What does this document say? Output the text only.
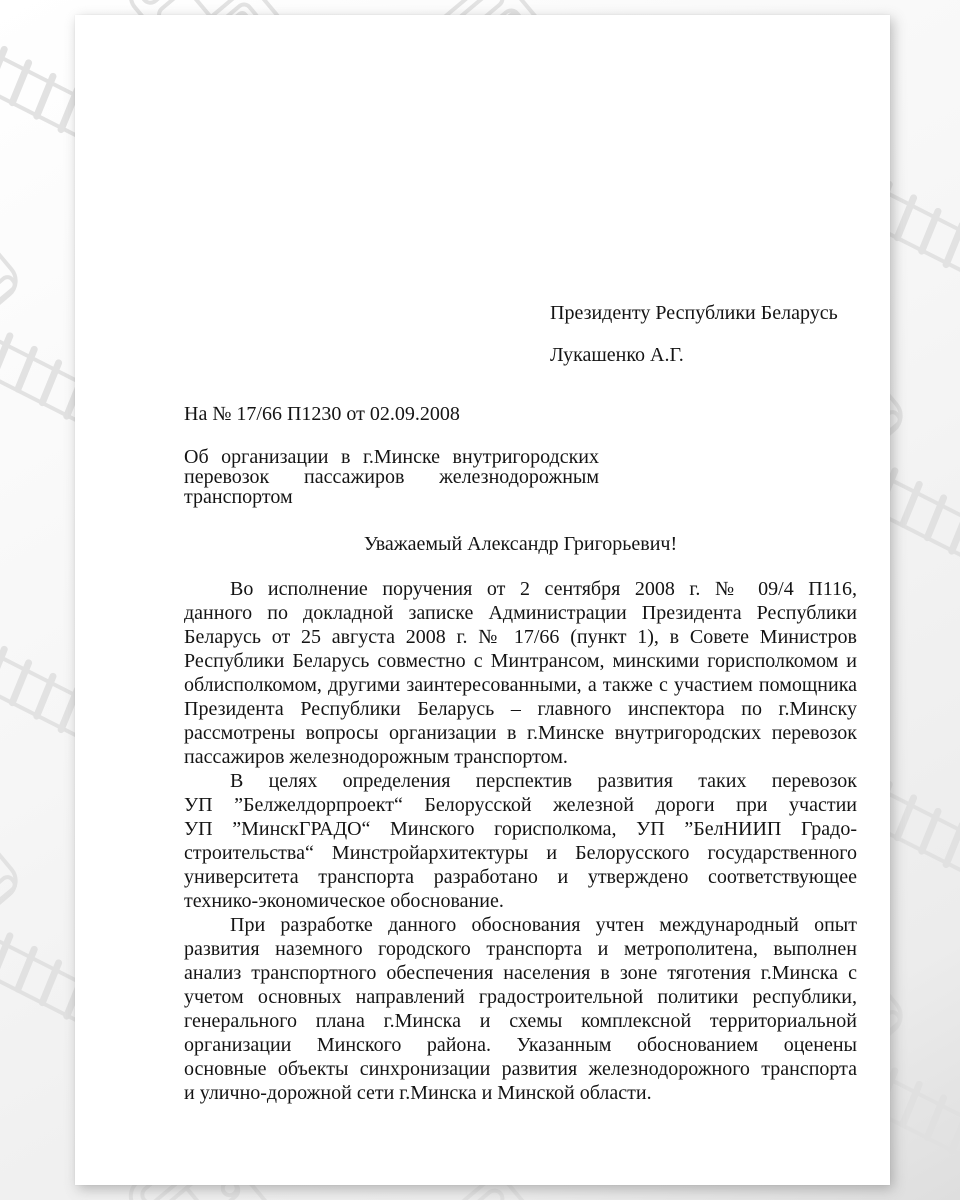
Президенту Республики Беларусь
Лукашенко А.Г.
На № 17/66 П1230 от 02.09.2008
Об организации в г.Минске внутригородских
перевозок пассажиров железнодорожным
транспортом
Уважаемый Александр Григорьевич!
Во исполнение поручения от 2 сентября 2008 г. № 09/4 П116,
данного по докладной записке Администрации Президента Республики
Беларусь от 25 августа 2008 г. № 17/66 (пункт 1), в Совете Министров
Республики Беларусь совместно с Минтрансом, минскими горисполкомом и
облисполкомом, другими заинтересованными, а также с участием помощника
Президента Республики Беларусь – главного инспектора по г.Минску
рассмотрены вопросы организации в г.Минске внутригородских перевозок
пассажиров железнодорожным транспортом.
В целях определения перспектив развития таких перевозок
УП ”Белжелдорпроект“ Белорусской железной дороги при участии
УП ”МинскГРАДО“ Минского горисполкома, УП ”БелНИИП Градо-
строительства“ Минстройархитектуры и Белорусского государственного
университета транспорта разработано и утверждено соответствующее
технико-экономическое обоснование.
При разработке данного обоснования учтен международный опыт
развития наземного городского транспорта и метрополитена, выполнен
анализ транспортного обеспечения населения в зоне тяготения г.Минска с
учетом основных направлений градостроительной политики республики,
генерального плана г.Минска и схемы комплексной территориальной
организации Минского района. Указанным обоснованием оценены
основные объекты синхронизации развития железнодорожного транспорта
и улично-дорожной сети г.Минска и Минской области.
